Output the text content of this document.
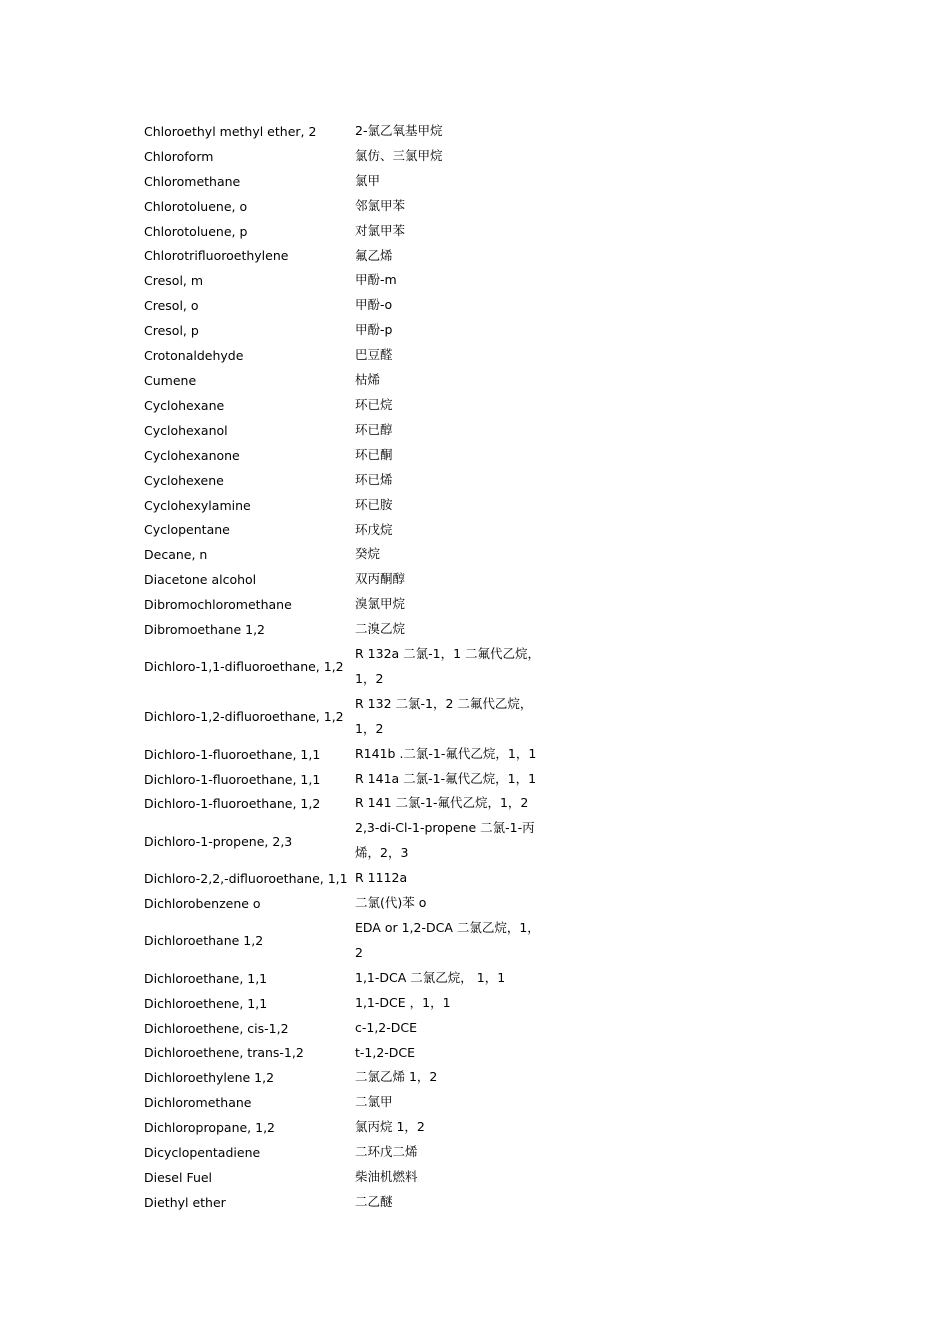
Chloroethyl methyl ether, 2	2-氯乙氧基甲烷
Chloroform	氯仿、三氯甲烷
Chloromethane	氯甲
Chlorotoluene, o	邻氯甲苯
Chlorotoluene, p	对氯甲苯
Chlorotrifluoroethylene	氟乙烯
Cresol, m	甲酚-m
Cresol, o	甲酚-o
Cresol, p	甲酚-p
Crotonaldehyde	巴豆醛
Cumene	枯烯
Cyclohexane	环已烷
Cyclohexanol	环已醇
Cyclohexanone	环已酮
Cyclohexene	环已烯
Cyclohexylamine	环已胺
Cyclopentane	环戊烷
Decane, n	癸烷
Diacetone alcohol	双丙酮醇
Dibromochloromethane	溴氯甲烷
Dibromoethane 1,2	二溴乙烷
Dichloro-1,1-difluoroethane, 1,2	R 132a 二氯-1，1 二氟代乙烷，1，2
Dichloro-1,2-difluoroethane, 1,2	R 132 二氯-1，2 二氟代乙烷，1，2
Dichloro-1-fluoroethane, 1,1	R141b .二氯-1-氟代乙烷，1，1
Dichloro-1-fluoroethane, 1,1	R 141a 二氯-1-氟代乙烷，1，1
Dichloro-1-fluoroethane, 1,2	R 141 二氯-1-氟代乙烷，1，2
Dichloro-1-propene, 2,3	2,3-di-Cl-1-propene 二氯-1-丙烯，2，3
Dichloro-2,2,-difluoroethane, 1,1	R 1112a
Dichlorobenzene o	二氯(代)苯 o
Dichloroethane 1,2	EDA or 1,2-DCA 二氯乙烷，1，2
Dichloroethane, 1,1	1,1-DCA 二氯乙烷， 1，1
Dichloroethene, 1,1	1,1-DCE ，1，1
Dichloroethene, cis-1,2	c-1,2-DCE
Dichloroethene, trans-1,2	t-1,2-DCE
Dichloroethylene 1,2	二氯乙烯 1，2
Dichloromethane	二氯甲
Dichloropropane, 1,2	氯丙烷 1，2
Dicyclopentadiene	二环戊二烯
Diesel Fuel	柴油机燃料
Diethyl ether	二乙醚
